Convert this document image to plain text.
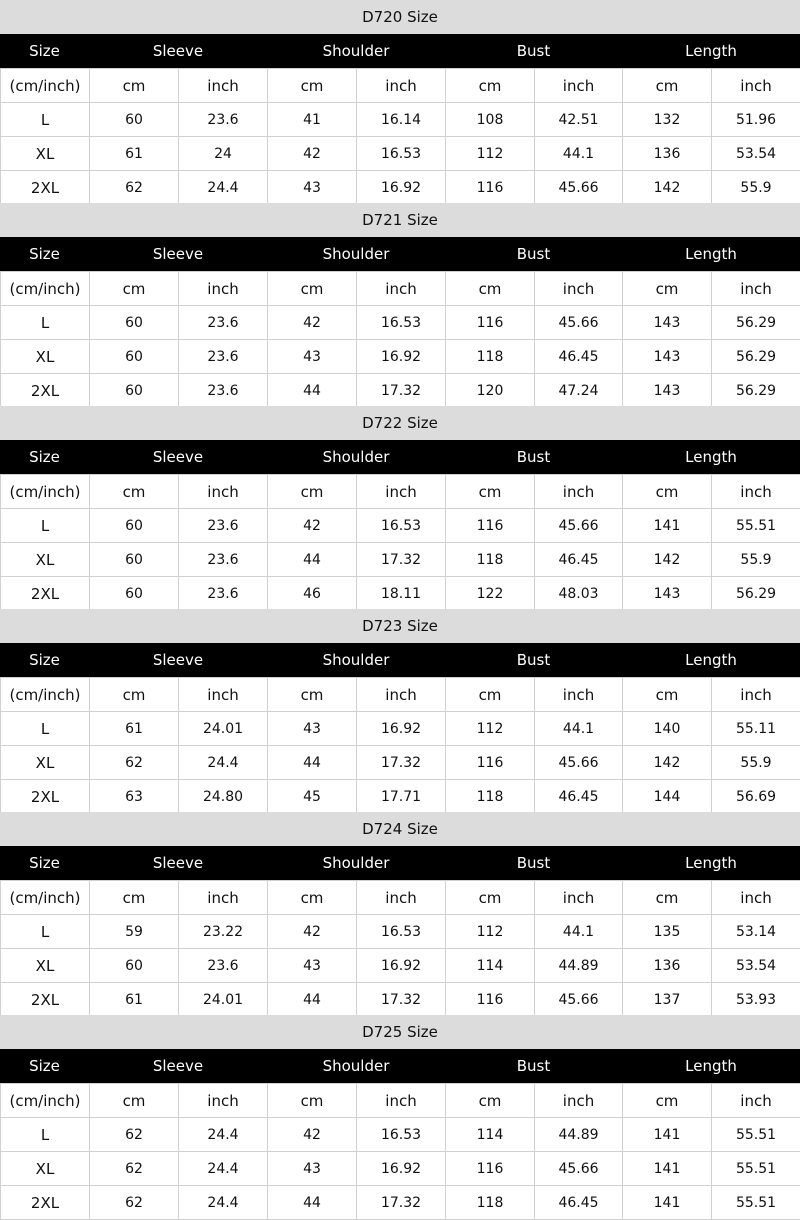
D720 Size
Size	Sleeve	Shoulder	Bust	Length
(cm/inch)	cm	inch	cm	inch	cm	inch	cm	inch
L	60	23.6	41	16.14	108	42.51	132	51.96
XL	61	24	42	16.53	112	44.1	136	53.54
2XL	62	24.4	43	16.92	116	45.66	142	55.9
D721 Size
Size	Sleeve	Shoulder	Bust	Length
(cm/inch)	cm	inch	cm	inch	cm	inch	cm	inch
L	60	23.6	42	16.53	116	45.66	143	56.29
XL	60	23.6	43	16.92	118	46.45	143	56.29
2XL	60	23.6	44	17.32	120	47.24	143	56.29
D722 Size
Size	Sleeve	Shoulder	Bust	Length
(cm/inch)	cm	inch	cm	inch	cm	inch	cm	inch
L	60	23.6	42	16.53	116	45.66	141	55.51
XL	60	23.6	44	17.32	118	46.45	142	55.9
2XL	60	23.6	46	18.11	122	48.03	143	56.29
D723 Size
Size	Sleeve	Shoulder	Bust	Length
(cm/inch)	cm	inch	cm	inch	cm	inch	cm	inch
L	61	24.01	43	16.92	112	44.1	140	55.11
XL	62	24.4	44	17.32	116	45.66	142	55.9
2XL	63	24.80	45	17.71	118	46.45	144	56.69
D724 Size
Size	Sleeve	Shoulder	Bust	Length
(cm/inch)	cm	inch	cm	inch	cm	inch	cm	inch
L	59	23.22	42	16.53	112	44.1	135	53.14
XL	60	23.6	43	16.92	114	44.89	136	53.54
2XL	61	24.01	44	17.32	116	45.66	137	53.93
D725 Size
Size	Sleeve	Shoulder	Bust	Length
(cm/inch)	cm	inch	cm	inch	cm	inch	cm	inch
L	62	24.4	42	16.53	114	44.89	141	55.51
XL	62	24.4	43	16.92	116	45.66	141	55.51
2XL	62	24.4	44	17.32	118	46.45	141	55.51
